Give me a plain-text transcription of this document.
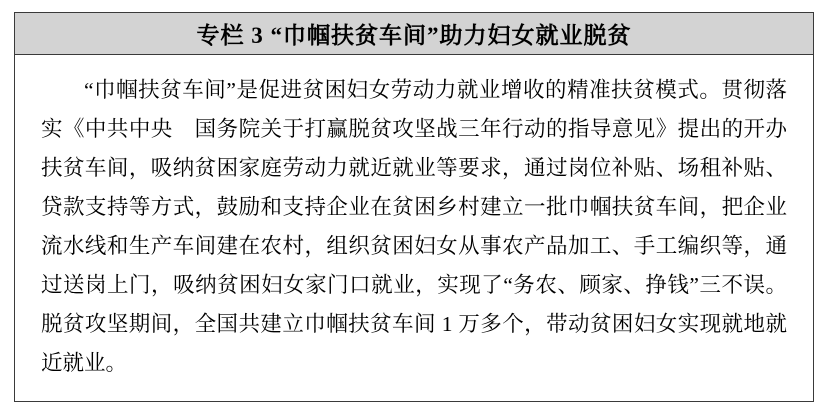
专栏 3 “巾帼扶贫车间”助力妇女就业脱贫

“巾帼扶贫车间”是促进贫困妇女劳动力就业增收的精准扶贫模式。贯彻落实《中共中央　国务院关于打赢脱贫攻坚战三年行动的指导意见》提出的开办扶贫车间，吸纳贫困家庭劳动力就近就业等要求，通过岗位补贴、场租补贴、贷款支持等方式，鼓励和支持企业在贫困乡村建立一批巾帼扶贫车间，把企业流水线和生产车间建在农村，组织贫困妇女从事农产品加工、手工编织等，通过送岗上门，吸纳贫困妇女家门口就业，实现了“务农、顾家、挣钱”三不误。脱贫攻坚期间，全国共建立巾帼扶贫车间 1 万多个，带动贫困妇女实现就地就近就业。
